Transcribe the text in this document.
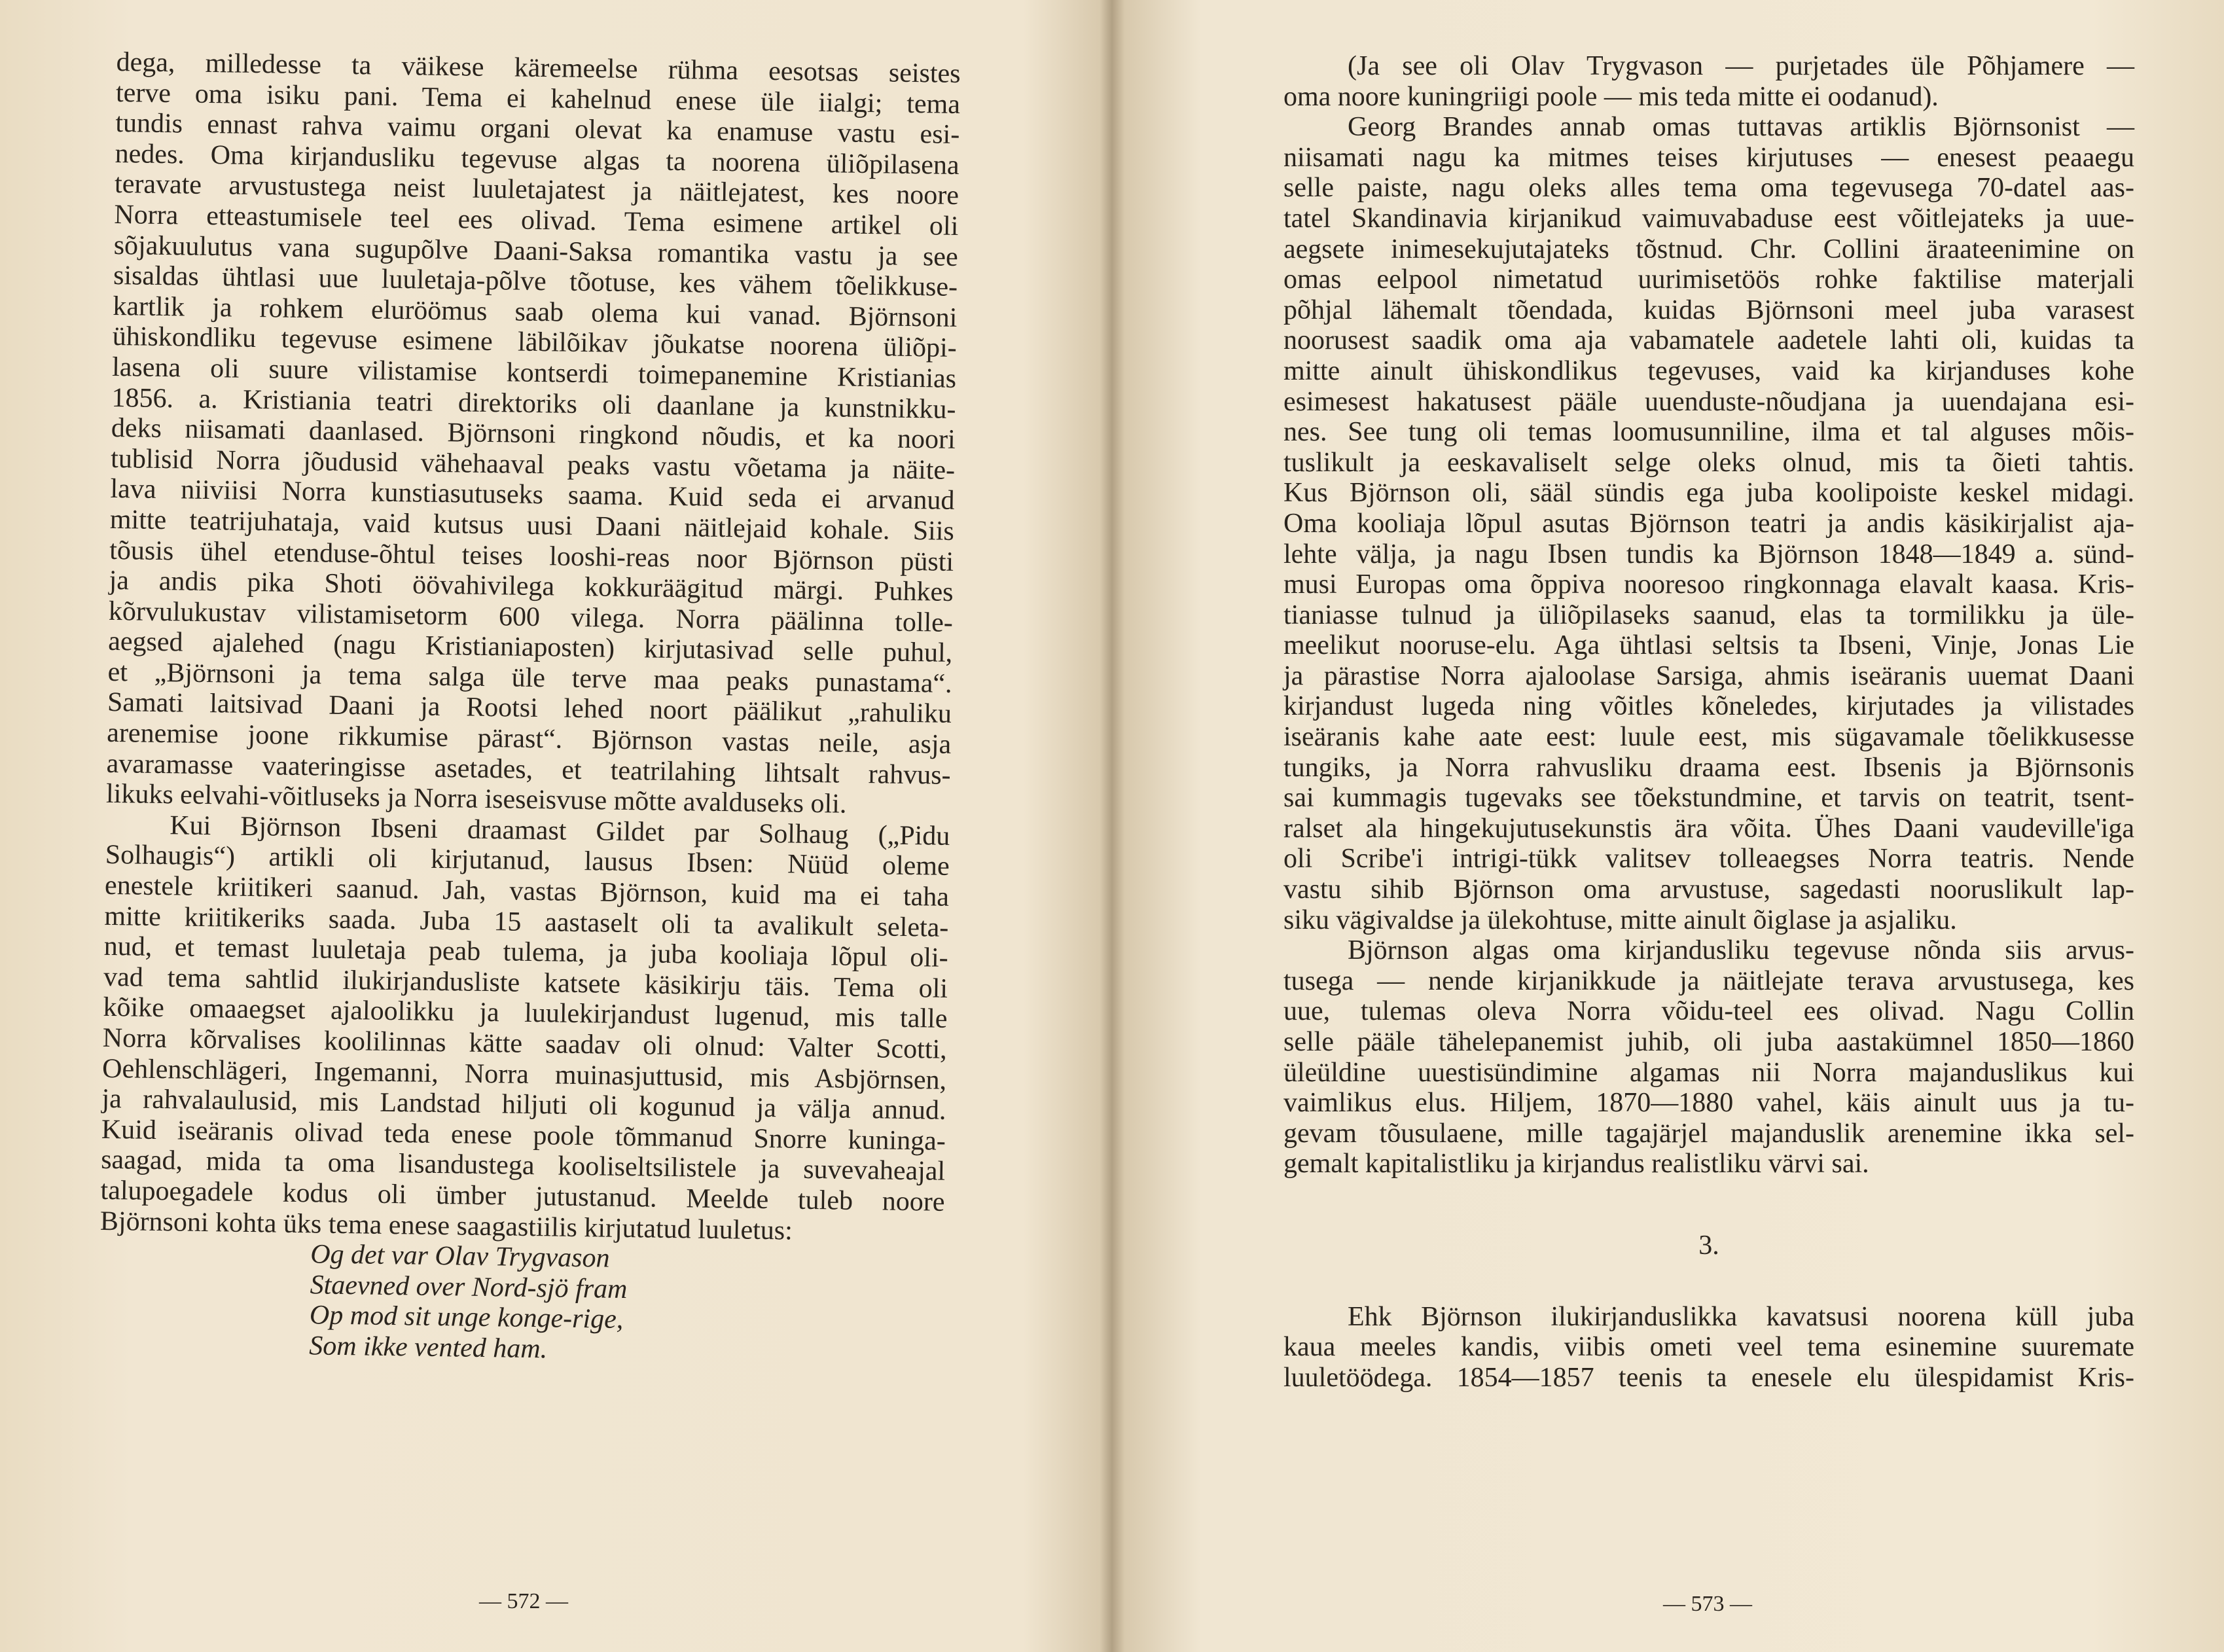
dega, milledesse ta väikese käremeelse rühma eesotsas seistes
terve oma isiku pani. Tema ei kahelnud enese üle iialgi; tema
tundis ennast rahva vaimu organi olevat ka enamuse vastu esi-
nedes. Oma kirjandusliku tegevuse algas ta noorena üliõpilasena
teravate arvustustega neist luuletajatest ja näitlejatest, kes noore
Norra etteastumisele teel ees olivad. Tema esimene artikel oli
sõjakuulutus vana sugupõlve Daani-Saksa romantika vastu ja see
sisaldas ühtlasi uue luuletaja-põlve tõotuse, kes vähem tõelikkuse-
kartlik ja rohkem eluröömus saab olema kui vanad. Björnsoni
ühiskondliku tegevuse esimene läbilõikav jõukatse noorena üliõpi-
lasena oli suure vilistamise kontserdi toimepanemine Kristianias
1856. a. Kristiania teatri direktoriks oli daanlane ja kunstnikku-
deks niisamati daanlased. Björnsoni ringkond nõudis, et ka noori
tublisid Norra jõudusid vähehaaval peaks vastu võetama ja näite-
lava niiviisi Norra kunstiasutuseks saama. Kuid seda ei arvanud
mitte teatrijuhataja, vaid kutsus uusi Daani näitlejaid kohale. Siis
tõusis ühel etenduse-õhtul teises looshi-reas noor Björnson püsti
ja andis pika Shoti öövahivilega kokkuräägitud märgi. Puhkes
kõrvulukustav vilistamisetorm 600 vilega. Norra päälinna tolle-
aegsed ajalehed (nagu Kristianiaposten) kirjutasivad selle puhul,
et „Björnsoni ja tema salga üle terve maa peaks punastama“.
Samati laitsivad Daani ja Rootsi lehed noort päälikut „rahuliku
arenemise joone rikkumise pärast“. Björnson vastas neile, asja
avaramasse vaateringisse asetades, et teatrilahing lihtsalt rahvus-
likuks eelvahi-võitluseks ja Norra iseseisvuse mõtte avalduseks oli.
Kui Björnson Ibseni draamast Gildet par Solhaug („Pidu
Solhaugis“) artikli oli kirjutanud, lausus Ibsen: Nüüd oleme
enestele kriitikeri saanud. Jah, vastas Björnson, kuid ma ei taha
mitte kriitikeriks saada. Juba 15 aastaselt oli ta avalikult seleta-
nud, et temast luuletaja peab tulema, ja juba kooliaja lõpul oli-
vad tema sahtlid ilukirjandusliste katsete käsikirju täis. Tema oli
kõike omaaegset ajaloolikku ja luulekirjandust lugenud, mis talle
Norra kõrvalises koolilinnas kätte saadav oli olnud: Valter Scotti,
Oehlenschlägeri, Ingemanni, Norra muinasjuttusid, mis Asbjörnsen,
ja rahvalaulusid, mis Landstad hiljuti oli kogunud ja välja annud.
Kuid iseäranis olivad teda enese poole tõmmanud Snorre kuninga-
saagad, mida ta oma lisandustega kooliseltsilistele ja suvevaheajal
talupoegadele kodus oli ümber jutustanud. Meelde tuleb noore
Björnsoni kohta üks tema enese saagastiilis kirjutatud luuletus:
Og det var Olav Trygvason
Staevned over Nord-sjö fram
Op mod sit unge konge-rige,
Som ikke vented ham.
— 572 —
(Ja see oli Olav Trygvason — purjetades üle Põhjamere —
oma noore kuningriigi poole — mis teda mitte ei oodanud).
Georg Brandes annab omas tuttavas artiklis Björnsonist —
niisamati nagu ka mitmes teises kirjutuses — enesest peaaegu
selle paiste, nagu oleks alles tema oma tegevusega 70-datel aas-
tatel Skandinavia kirjanikud vaimuvabaduse eest võitlejateks ja uue-
aegsete inimesekujutajateks tõstnud. Chr. Collini äraateenimine on
omas eelpool nimetatud uurimisetöös rohke faktilise materjali
põhjal lähemalt tõendada, kuidas Björnsoni meel juba varasest
noorusest saadik oma aja vabamatele aadetele lahti oli, kuidas ta
mitte ainult ühiskondlikus tegevuses, vaid ka kirjanduses kohe
esimesest hakatusest pääle uuenduste-nõudjana ja uuendajana esi-
nes. See tung oli temas loomusunniline, ilma et tal alguses mõis-
tuslikult ja eeskavaliselt selge oleks olnud, mis ta õieti tahtis.
Kus Björnson oli, sääl sündis ega juba koolipoiste keskel midagi.
Oma kooliaja lõpul asutas Björnson teatri ja andis käsikirjalist aja-
lehte välja, ja nagu Ibsen tundis ka Björnson 1848—1849 a. sünd-
musi Europas oma õppiva nooresoo ringkonnaga elavalt kaasa. Kris-
tianiasse tulnud ja üliõpilaseks saanud, elas ta tormilikku ja üle-
meelikut nooruse-elu. Aga ühtlasi seltsis ta Ibseni, Vinje, Jonas Lie
ja pärastise Norra ajaloolase Sarsiga, ahmis iseäranis uuemat Daani
kirjandust lugeda ning võitles kõneledes, kirjutades ja vilistades
iseäranis kahe aate eest: luule eest, mis sügavamale tõelikkusesse
tungiks, ja Norra rahvusliku draama eest. Ibsenis ja Björnsonis
sai kummagis tugevaks see tõekstundmine, et tarvis on teatrit, tsent-
ralset ala hingekujutusekunstis ära võita. Ühes Daani vaudeville'iga
oli Scribe'i intrigi-tükk valitsev tolleaegses Norra teatris. Nende
vastu sihib Björnson oma arvustuse, sagedasti nooruslikult lap-
siku vägivaldse ja ülekohtuse, mitte ainult õiglase ja asjaliku.
Björnson algas oma kirjandusliku tegevuse nõnda siis arvus-
tusega — nende kirjanikkude ja näitlejate terava arvustusega, kes
uue, tulemas oleva Norra võidu-teel ees olivad. Nagu Collin
selle pääle tähelepanemist juhib, oli juba aastakümnel 1850—1860
üleüldine uuestisündimine algamas nii Norra majanduslikus kui
vaimlikus elus. Hiljem, 1870—1880 vahel, käis ainult uus ja tu-
gevam tõusulaene, mille tagajärjel majanduslik arenemine ikka sel-
gemalt kapitalistliku ja kirjandus realistliku värvi sai.
3.
Ehk Björnson ilukirjanduslikka kavatsusi noorena küll juba
kaua meeles kandis, viibis ometi veel tema esinemine suuremate
luuletöödega. 1854—1857 teenis ta enesele elu ülespidamist Kris-
— 573 —
